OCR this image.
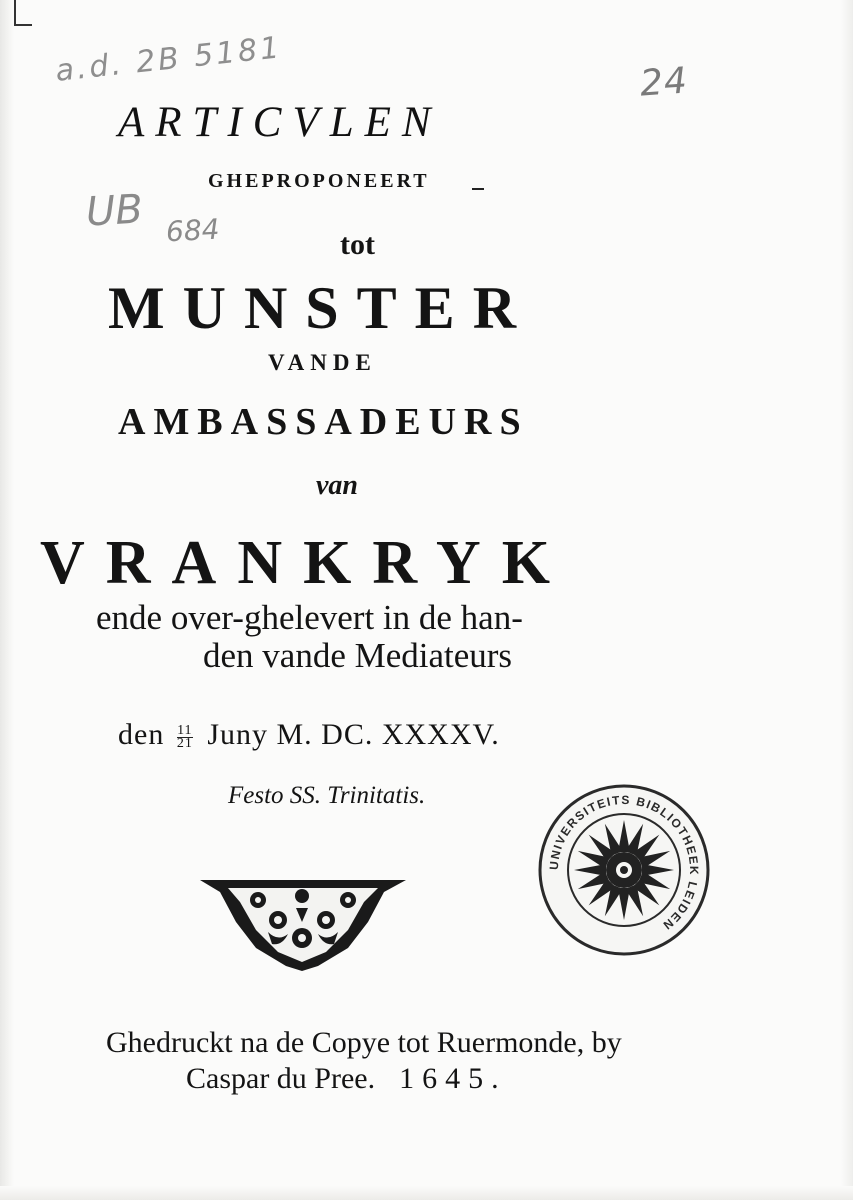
a.d. 2B 5181	24
UB 684
ARTICVLEN
GHEPROPONEERT
tot
MUNSTER
VANDE
AMBASSADEURS
van
VRANKRYK
ende over-ghelevert in de han-
den vande Mediateurs
den $\frac{11}{21}$ Juny M. DC. XXXXV.
Festo SS. Trinitatis.
UNIVERSITEITS BIBLIOTHEEK LEIDEN
Ghedruckt na de Copye tot Ruermonde, by
Caspar du Pree. 1645.
